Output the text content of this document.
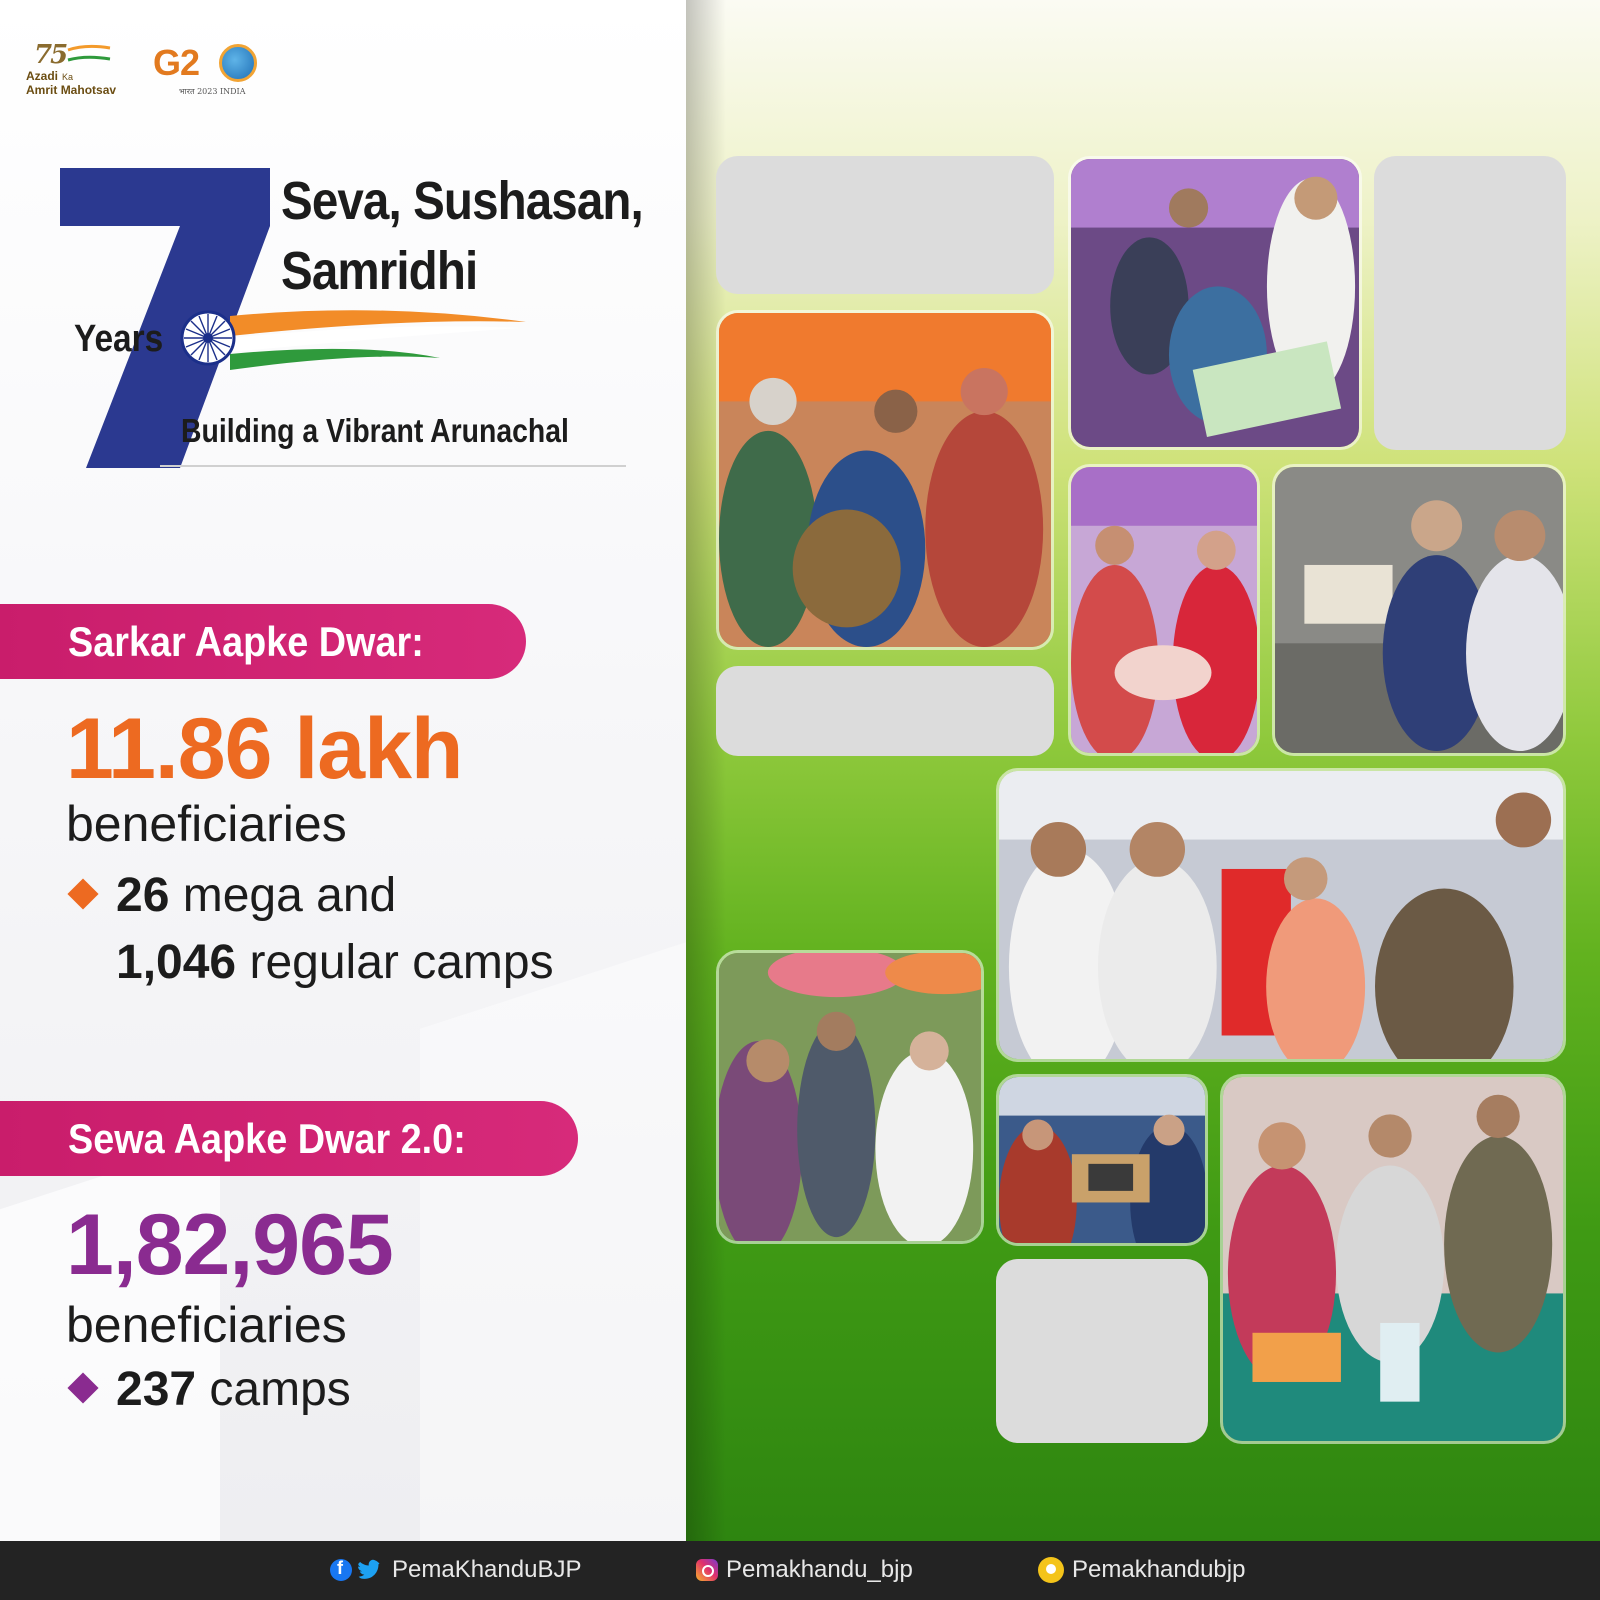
75
Azadi Ka
Amrit Mahotsav
G2
भारत 2023 INDIA
Seva, Sushasan,
Samridhi
Years
Building a Vibrant Arunachal
Sarkar Aapke Dwar:
11.86 lakh
beneficiaries
26 mega and
1,046 regular camps
Sewa Aapke Dwar 2.0:
1,82,965
beneficiaries
237 camps
f
PemaKhanduBJP	Pemakhandu_bjp	Pemakhandubjp
